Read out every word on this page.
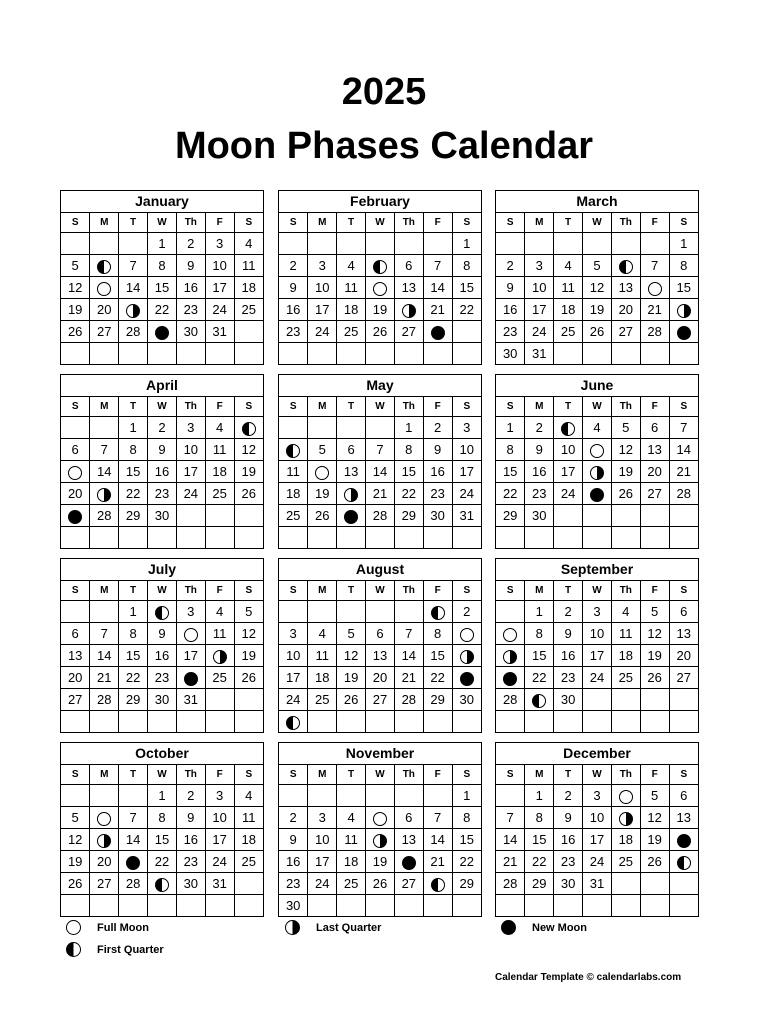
2025
Moon Phases Calendar
January
S	M	T	W	Th	F	S
			1	2	3	4
5		7	8	9	10	11
12		14	15	16	17	18
19	20		22	23	24	25
26	27	28		30	31	

February
S	M	T	W	Th	F	S
						1
2	3	4		6	7	8
9	10	11		13	14	15
16	17	18	19		21	22
23	24	25	26	27		

March
S	M	T	W	Th	F	S
						1
2	3	4	5		7	8
9	10	11	12	13		15
16	17	18	19	20	21	
23	24	25	26	27	28	
30	31					
April
S	M	T	W	Th	F	S
		1	2	3	4	
6	7	8	9	10	11	12
	14	15	16	17	18	19
20		22	23	24	25	26
	28	29	30			

May
S	M	T	W	Th	F	S
				1	2	3
	5	6	7	8	9	10
11		13	14	15	16	17
18	19		21	22	23	24
25	26		28	29	30	31

June
S	M	T	W	Th	F	S
1	2		4	5	6	7
8	9	10		12	13	14
15	16	17		19	20	21
22	23	24		26	27	28
29	30					

July
S	M	T	W	Th	F	S
		1		3	4	5
6	7	8	9		11	12
13	14	15	16	17		19
20	21	22	23		25	26
27	28	29	30	31		

August
S	M	T	W	Th	F	S
						2
3	4	5	6	7	8	
10	11	12	13	14	15	
17	18	19	20	21	22	
24	25	26	27	28	29	30

September
S	M	T	W	Th	F	S
	1	2	3	4	5	6
	8	9	10	11	12	13
	15	16	17	18	19	20
	22	23	24	25	26	27
28		30				

October
S	M	T	W	Th	F	S
			1	2	3	4
5		7	8	9	10	11
12		14	15	16	17	18
19	20		22	23	24	25
26	27	28		30	31	

November
S	M	T	W	Th	F	S
						1
2	3	4		6	7	8
9	10	11		13	14	15
16	17	18	19		21	22
23	24	25	26	27		29
30						
December
S	M	T	W	Th	F	S
	1	2	3		5	6
7	8	9	10		12	13
14	15	16	17	18	19	
21	22	23	24	25	26	
28	29	30	31			

Full Moon	Last Quarter	New Moon
First Quarter
Calendar Template © calendarlabs.com
